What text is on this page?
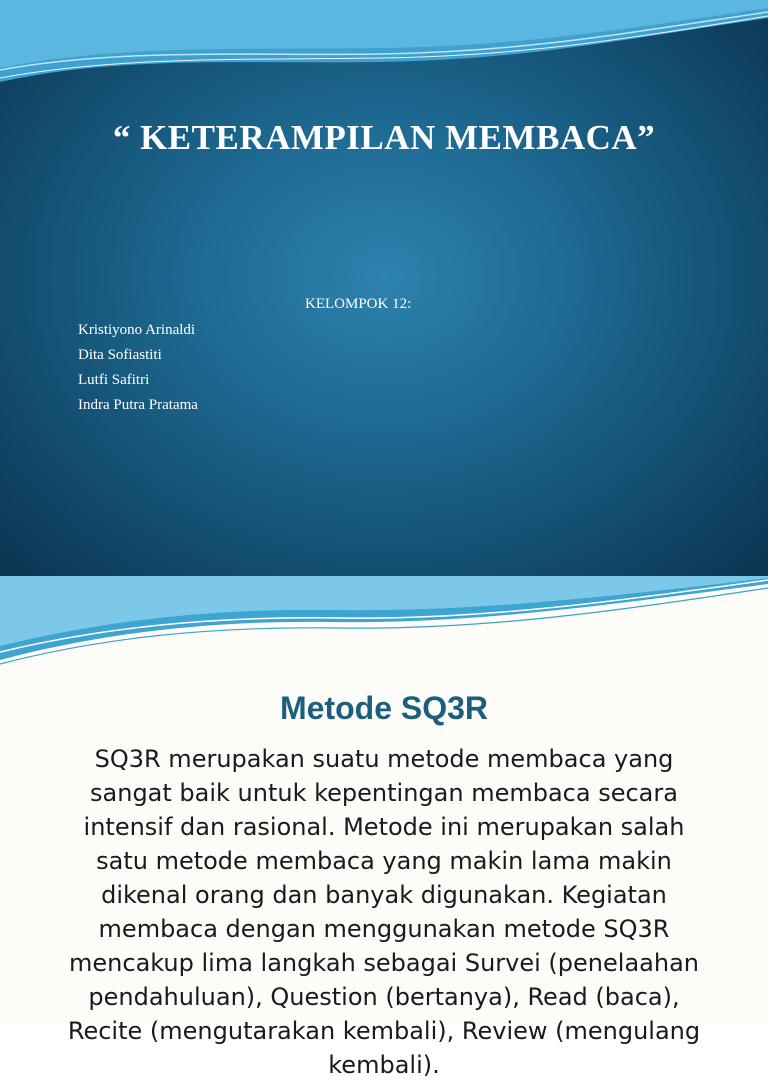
“ KETERAMPILAN MEMBACA”
KELOMPOK 12:
Kristiyono Arinaldi
Dita Sofiastiti
Lutfi Safitri
Indra Putra Pratama
Metode SQ3R

SQ3R merupakan suatu metode membaca yang sangat baik untuk kepentingan membaca secara intensif dan rasional. Metode ini merupakan salah satu metode membaca yang makin lama makin dikenal orang dan banyak digunakan. Kegiatan membaca dengan menggunakan metode SQ3R mencakup lima langkah sebagai Survei (penelaahan pendahuluan), Question (bertanya), Read (baca), Recite (mengutarakan kembali), Review (mengulang kembali).
